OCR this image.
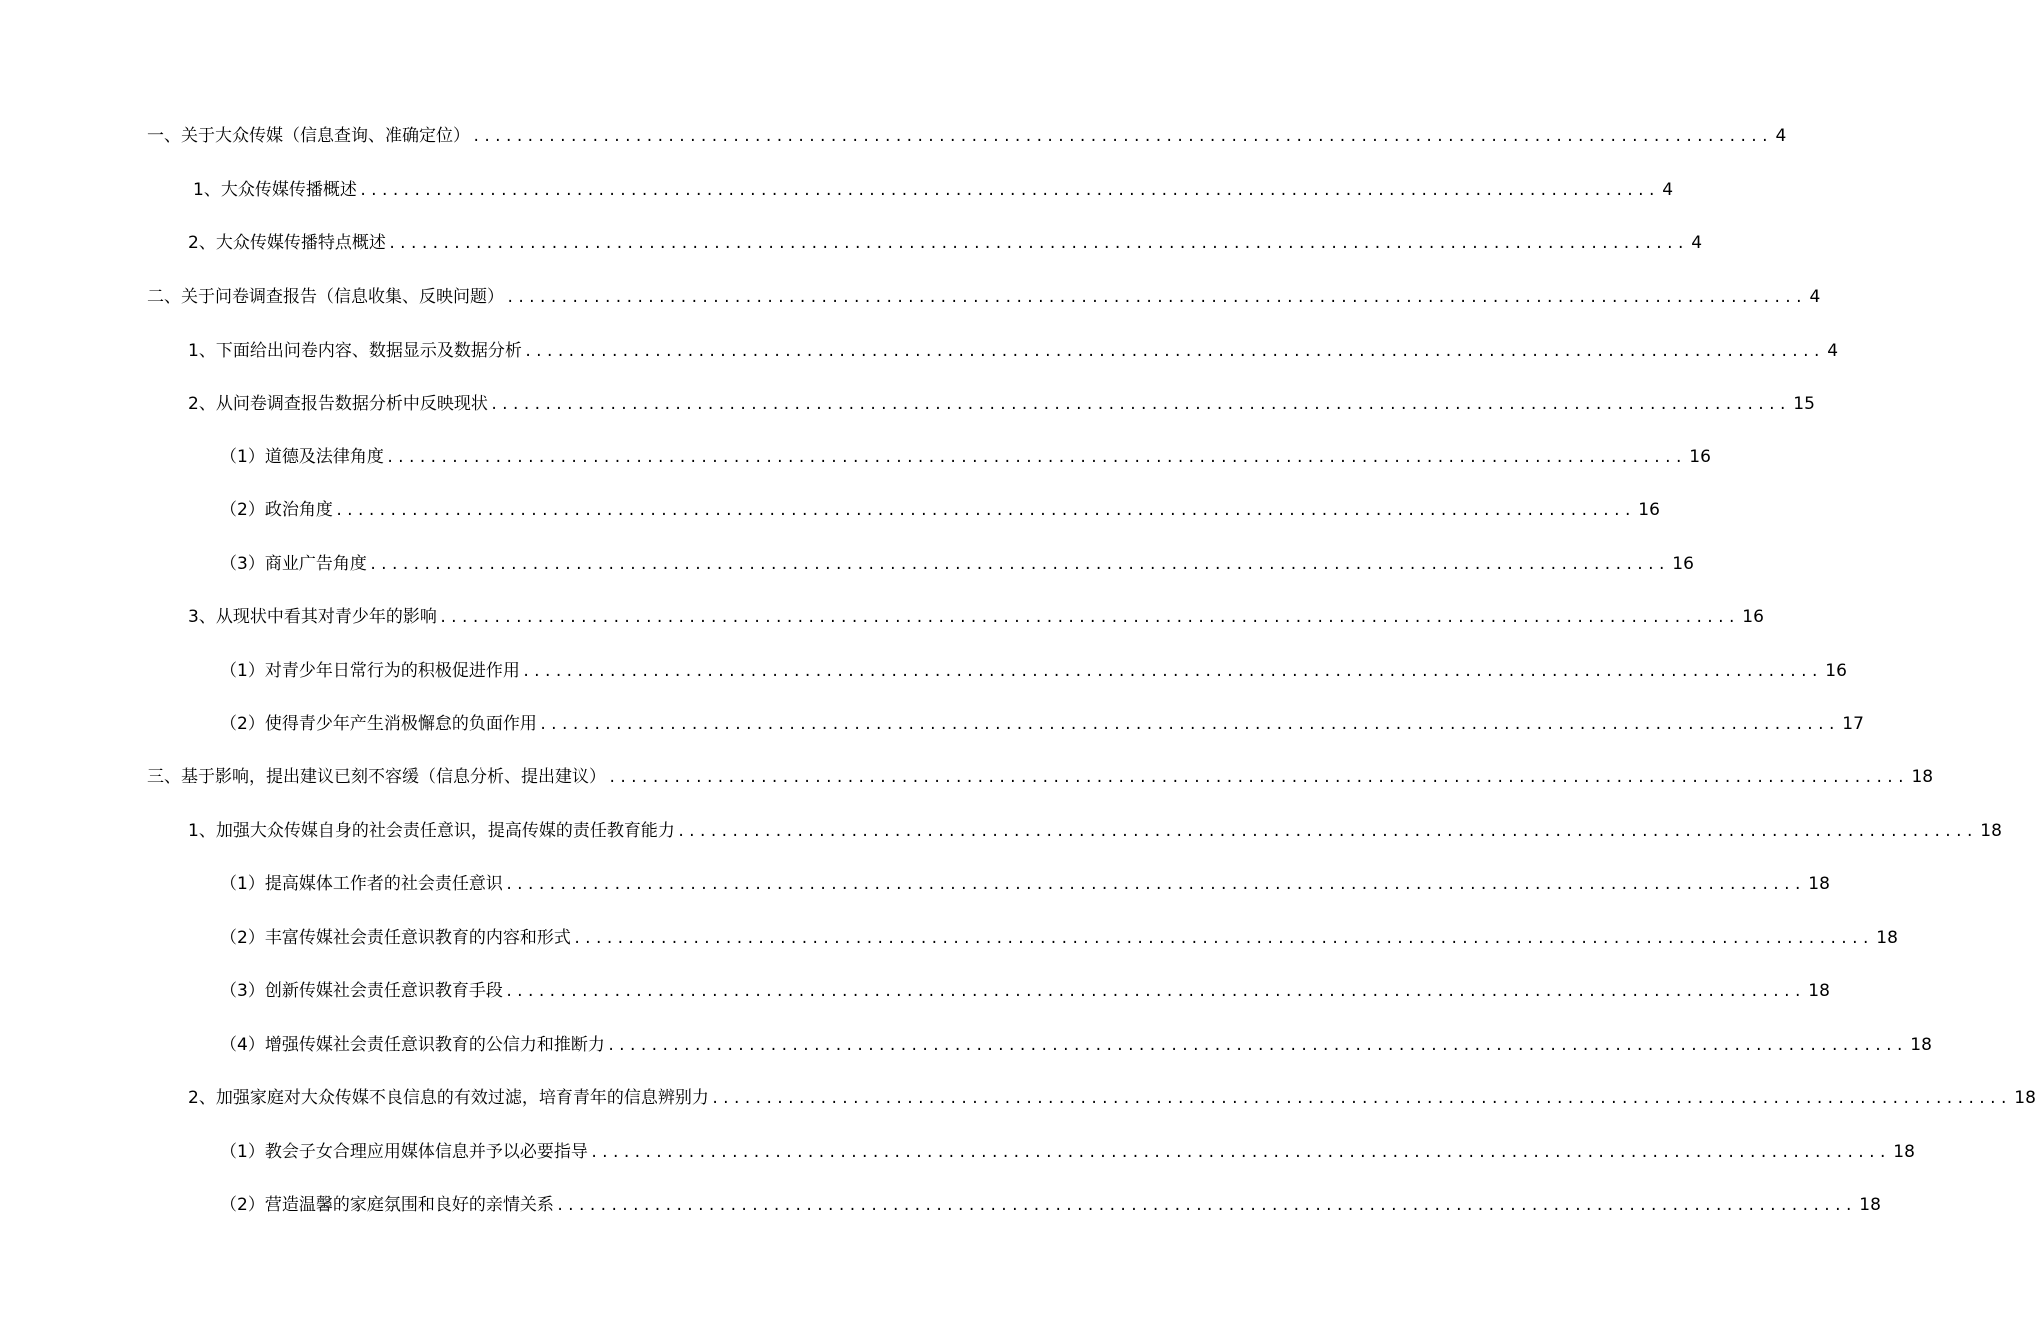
一、关于大众传媒（信息查询、准确定位） ........................................................................................................................ 4
1、大众传媒传播概述 ........................................................................................................................ 4
2、大众传媒传播特点概述 ........................................................................................................................ 4
二、关于问卷调查报告（信息收集、反映问题） ........................................................................................................................ 4
1、下面给出问卷内容、数据显示及数据分析 ........................................................................................................................ 4
2、从问卷调查报告数据分析中反映现状 ........................................................................................................................ 15
（1）道德及法律角度 ........................................................................................................................ 16
（2）政治角度 ........................................................................................................................ 16
（3）商业广告角度 ........................................................................................................................ 16
3、从现状中看其对青少年的影响 ........................................................................................................................ 16
（1）对青少年日常行为的积极促进作用 ........................................................................................................................ 16
（2）使得青少年产生消极懈怠的负面作用 ........................................................................................................................ 17
三、基于影响，提出建议已刻不容缓（信息分析、提出建议） ........................................................................................................................ 18
1、加强大众传媒自身的社会责任意识，提高传媒的责任教育能力 ........................................................................................................................ 18
（1）提高媒体工作者的社会责任意识 ........................................................................................................................ 18
（2）丰富传媒社会责任意识教育的内容和形式 ........................................................................................................................ 18
（3）创新传媒社会责任意识教育手段 ........................................................................................................................ 18
（4）增强传媒社会责任意识教育的公信力和推断力 ........................................................................................................................ 18
2、加强家庭对大众传媒不良信息的有效过滤，培育青年的信息辨别力 ........................................................................................................................ 18
（1）教会子女合理应用媒体信息并予以必要指导 ........................................................................................................................ 18
（2）营造温馨的家庭氛围和良好的亲情关系 ........................................................................................................................ 18
